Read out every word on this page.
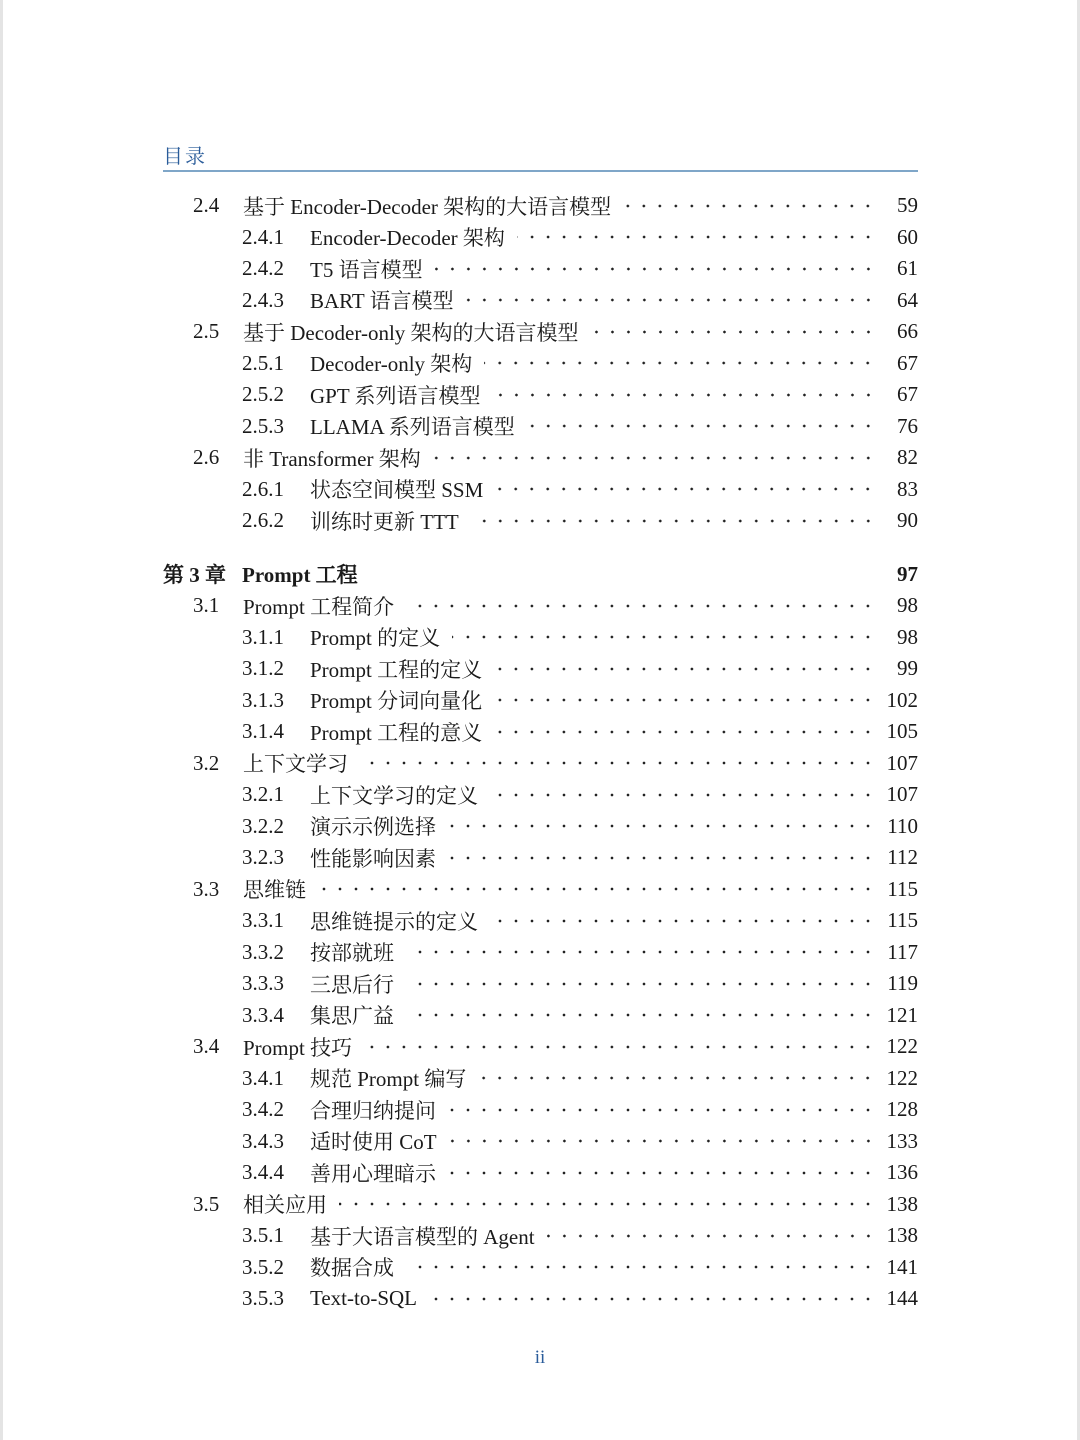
目录
2.4	基于 Encoder-Decoder 架构的大语言模型	59
2.4.1	Encoder-Decoder 架构	60
2.4.2	T5 语言模型	61
2.4.3	BART 语言模型	64
2.5	基于 Decoder-only 架构的大语言模型	66
2.5.1	Decoder-only 架构	67
2.5.2	GPT 系列语言模型	67
2.5.3	LLAMA 系列语言模型	76
2.6	非 Transformer 架构	82
2.6.1	状态空间模型 SSM	83
2.6.2	训练时更新 TTT	90
第 3 章 Prompt 工程	97
3.1	Prompt 工程简介	98
3.1.1	Prompt 的定义	98
3.1.2	Prompt 工程的定义	99
3.1.3	Prompt 分词向量化	102
3.1.4	Prompt 工程的意义	105
3.2	上下文学习	107
3.2.1	上下文学习的定义	107
3.2.2	演示示例选择	110
3.2.3	性能影响因素	112
3.3	思维链	115
3.3.1	思维链提示的定义	115
3.3.2	按部就班	117
3.3.3	三思后行	119
3.3.4	集思广益	121
3.4	Prompt 技巧	122
3.4.1	规范 Prompt 编写	122
3.4.2	合理归纳提问	128
3.4.3	适时使用 CoT	133
3.4.4	善用心理暗示	136
3.5	相关应用	138
3.5.1	基于大语言模型的 Agent	138
3.5.2	数据合成	141
3.5.3	Text-to-SQL	144
ii
